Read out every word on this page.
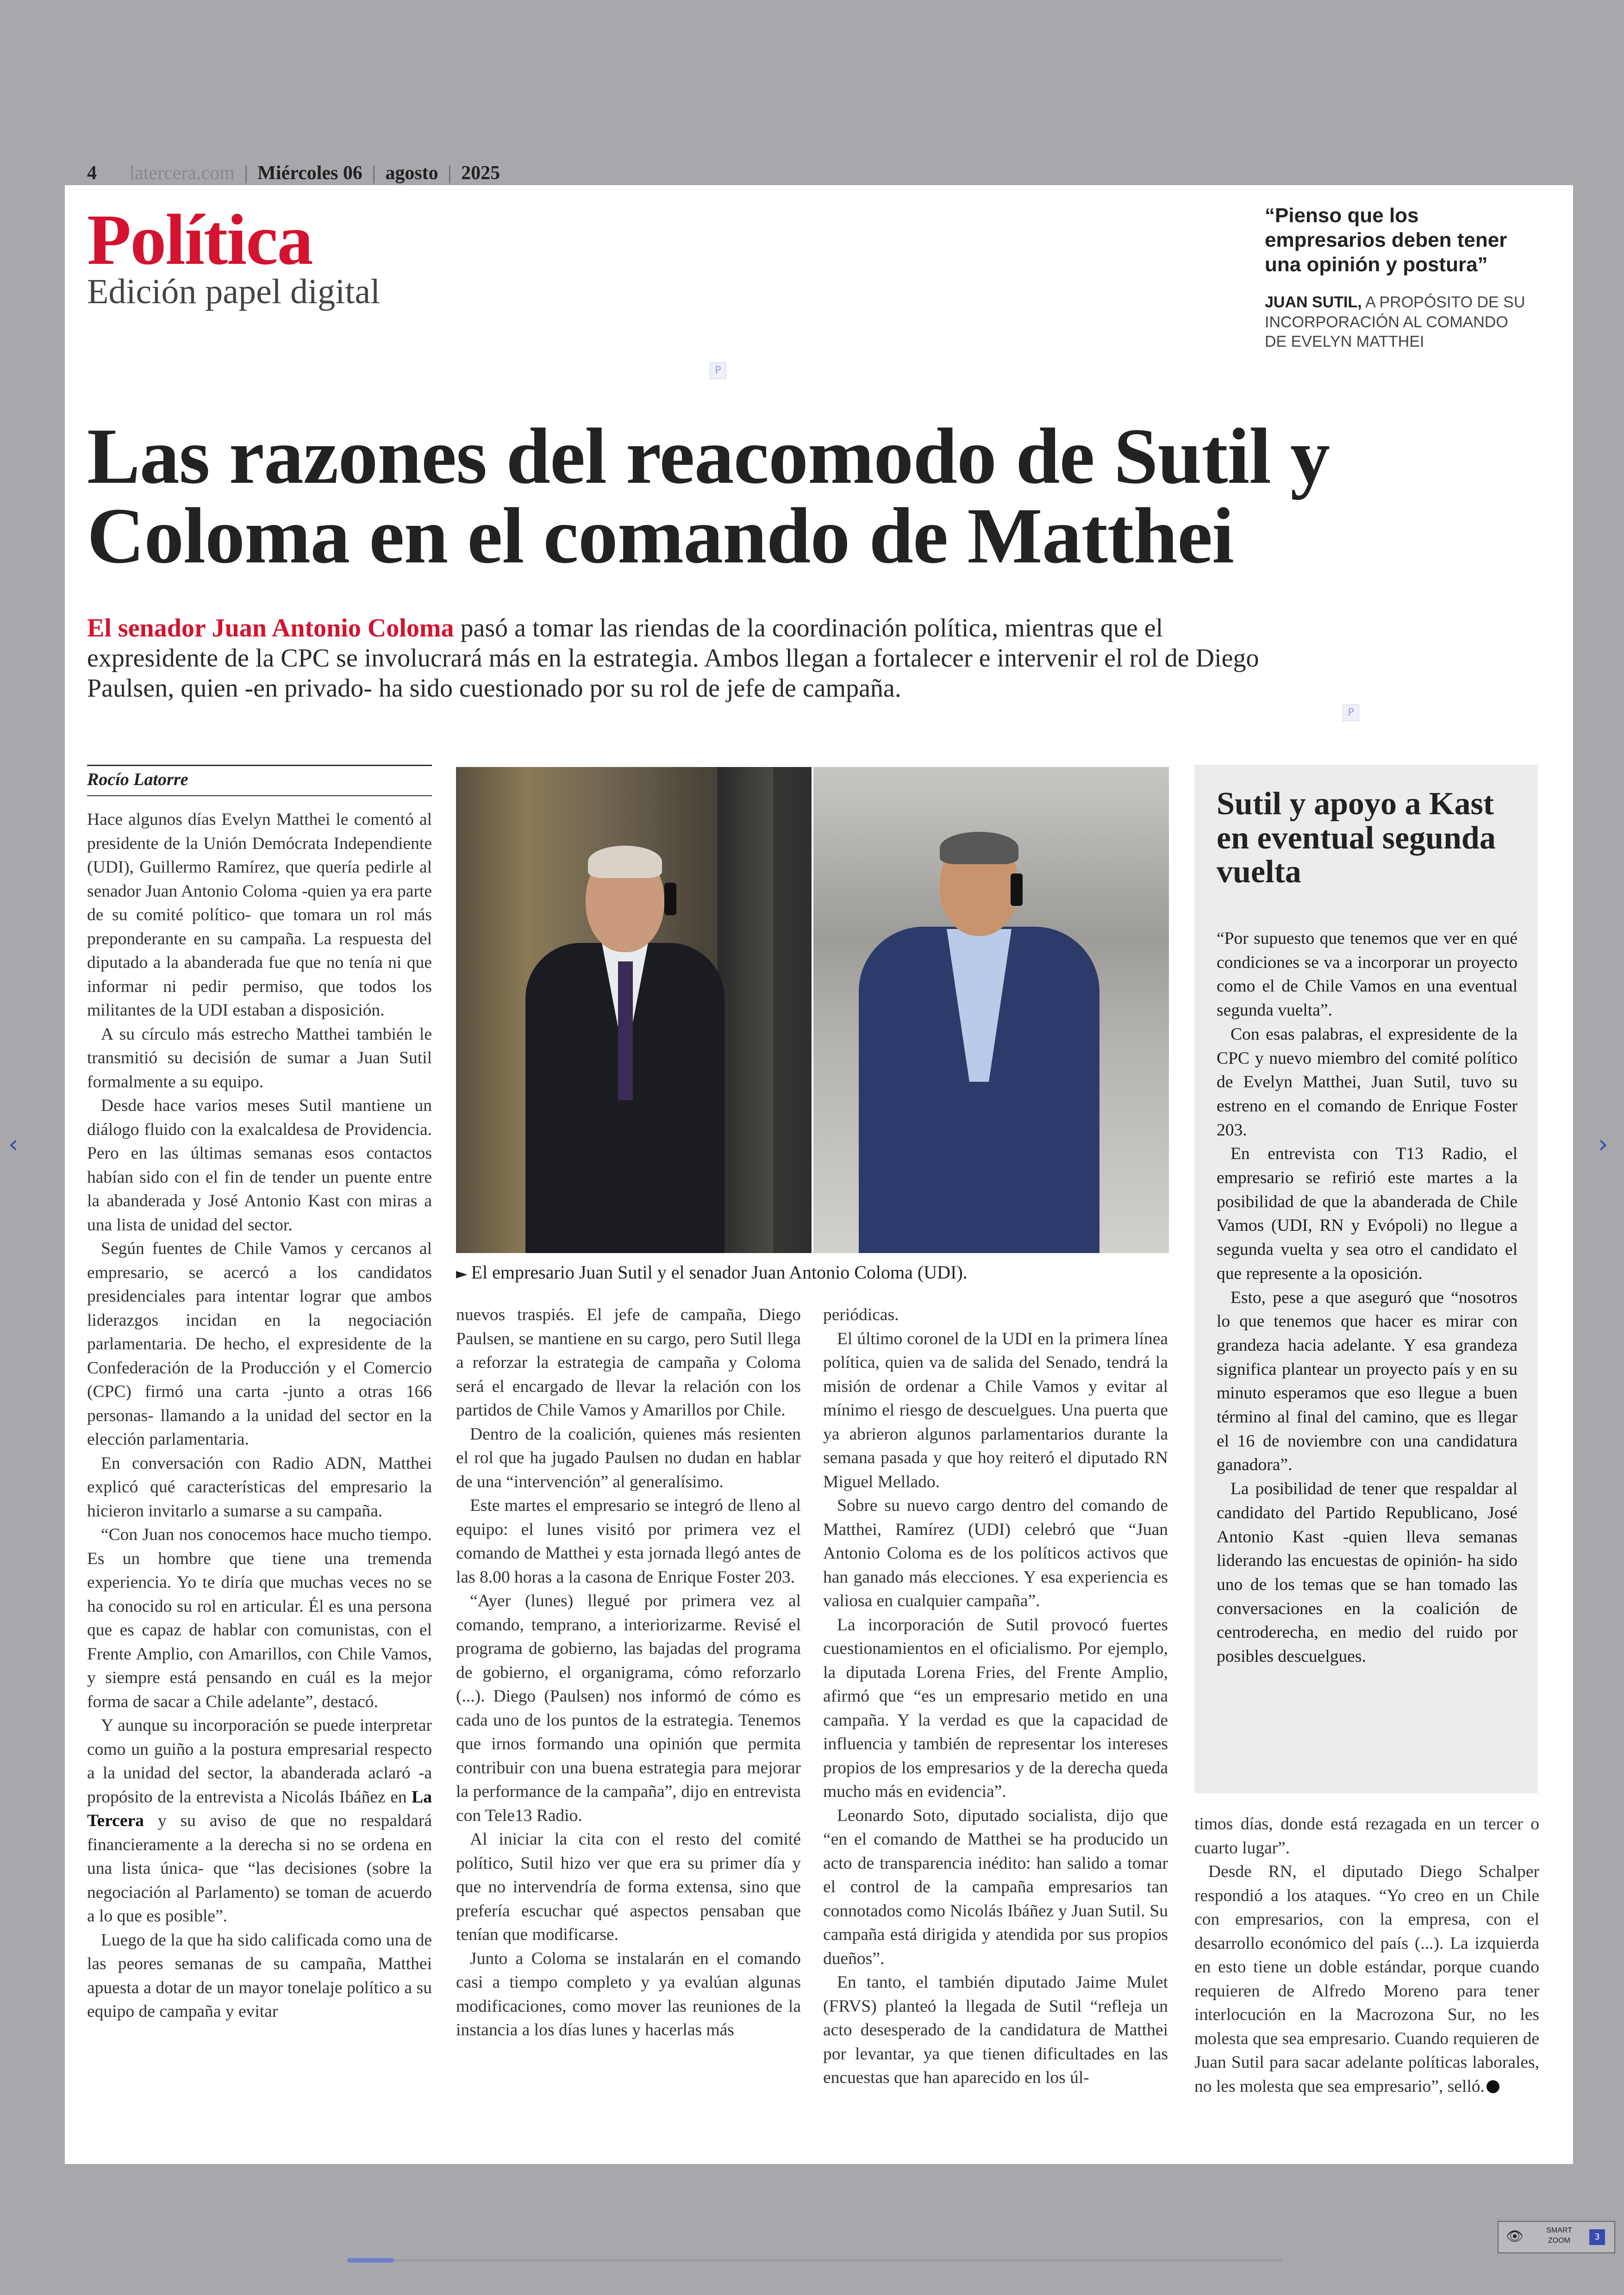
4 latercera.com | Miércoles 06 | agosto | 2025
Política
Edición papel digital
“Pienso que los empresarios deben tener una opinión y postura”
JUAN SUTIL, A PROPÓSITO DE SU INCORPORACIÓN AL COMANDO DE EVELYN MATTHEI
P
P
Las razones del reacomodo de Sutil y Coloma en el comando de Matthei
El senador Juan Antonio Coloma pasó a tomar las riendas de la coordinación política, mientras que el expresidente de la CPC se involucrará más en la estrategia. Ambos llegan a fortalecer e intervenir el rol de Diego Paulsen, quien -en privado- ha sido cuestionado por su rol de jefe de campaña.
Rocío Latorre

Hace algunos días Evelyn Matthei le comentó al presidente de la Unión Demócrata Independiente (UDI), Guillermo Ramírez, que quería pedirle al senador Juan Antonio Coloma -quien ya era parte de su comité político- que tomara un rol más preponderante en su campaña. La respuesta del diputado a la abanderada fue que no tenía ni que informar ni pedir permiso, que todos los militantes de la UDI estaban a disposición.

A su círculo más estrecho Matthei también le transmitió su decisión de sumar a Juan Sutil formalmente a su equipo.

Desde hace varios meses Sutil mantiene un diálogo fluido con la exalcaldesa de Providencia. Pero en las últimas semanas esos contactos habían sido con el fin de tender un puente entre la abanderada y José Antonio Kast con miras a una lista de unidad del sector.

Según fuentes de Chile Vamos y cercanos al empresario, se acercó a los candidatos presidenciales para intentar lograr que ambos liderazgos incidan en la negociación parlamentaria. De hecho, el expresidente de la Confederación de la Producción y el Comercio (CPC) firmó una carta -junto a otras 166 personas- llamando a la unidad del sector en la elección parlamentaria.

En conversación con Radio ADN, Matthei explicó qué características del empresario la hicieron invitarlo a sumarse a su campaña.

“Con Juan nos conocemos hace mucho tiempo. Es un hombre que tiene una tremenda experiencia. Yo te diría que muchas veces no se ha conocido su rol en articular. Él es una persona que es capaz de hablar con comunistas, con el Frente Amplio, con Amarillos, con Chile Vamos, y siempre está pensando en cuál es la mejor forma de sacar a Chile adelante”, destacó.

Y aunque su incorporación se puede interpretar como un guiño a la postura empresarial respecto a la unidad del sector, la abanderada aclaró -a propósito de la entrevista a Nicolás Ibáñez en La Tercera y su aviso de que no respaldará financieramente a la derecha si no se ordena en una lista única- que “las decisiones (sobre la negociación al Parlamento) se toman de acuerdo a lo que es posible”.

Luego de la que ha sido calificada como una de las peores semanas de su campaña, Matthei apuesta a dotar de un mayor tonelaje político a su equipo de campaña y evitar

► El empresario Juan Sutil y el senador Juan Antonio Coloma (UDI).

nuevos traspiés. El jefe de campaña, Diego Paulsen, se mantiene en su cargo, pero Sutil llega a reforzar la estrategia de campaña y Coloma será el encargado de llevar la relación con los partidos de Chile Vamos y Amarillos por Chile.

Dentro de la coalición, quienes más resienten el rol que ha jugado Paulsen no dudan en hablar de una “intervención” al generalísimo.

Este martes el empresario se integró de lleno al equipo: el lunes visitó por primera vez el comando de Matthei y esta jornada llegó antes de las 8.00 horas a la casona de Enrique Foster 203.

“Ayer (lunes) llegué por primera vez al comando, temprano, a interiorizarme. Revisé el programa de gobierno, las bajadas del programa de gobierno, el organigrama, cómo reforzarlo (...). Diego (Paulsen) nos informó de cómo es cada uno de los puntos de la estrategia. Tenemos que irnos formando una opinión que permita contribuir con una buena estrategia para mejorar la performance de la campaña”, dijo en entrevista con Tele13 Radio.

Al iniciar la cita con el resto del comité político, Sutil hizo ver que era su primer día y que no intervendría de forma extensa, sino que prefería escuchar qué aspectos pensaban que tenían que modificarse.

Junto a Coloma se instalarán en el comando casi a tiempo completo y ya evalúan algunas modificaciones, como mover las reuniones de la instancia a los días lunes y hacerlas más

periódicas.

El último coronel de la UDI en la primera línea política, quien va de salida del Senado, tendrá la misión de ordenar a Chile Vamos y evitar al mínimo el riesgo de descuelgues. Una puerta que ya abrieron algunos parlamentarios durante la semana pasada y que hoy reiteró el diputado RN Miguel Mellado.

Sobre su nuevo cargo dentro del comando de Matthei, Ramírez (UDI) celebró que “Juan Antonio Coloma es de los políticos activos que han ganado más elecciones. Y esa experiencia es valiosa en cualquier campaña”.

La incorporación de Sutil provocó fuertes cuestionamientos en el oficialismo. Por ejemplo, la diputada Lorena Fries, del Frente Amplio, afirmó que “es un empresario metido en una campaña. Y la verdad es que la capacidad de influencia y también de representar los intereses propios de los empresarios y de la derecha queda mucho más en evidencia”.

Leonardo Soto, diputado socialista, dijo que “en el comando de Matthei se ha producido un acto de transparencia inédito: han salido a tomar el control de la campaña empresarios tan connotados como Nicolás Ibáñez y Juan Sutil. Su campaña está dirigida y atendida por sus propios dueños”.

En tanto, el también diputado Jaime Mulet (FRVS) planteó la llegada de Sutil “refleja un acto desesperado de la candidatura de Matthei por levantar, ya que tienen dificultades en las encuestas que han aparecido en los úl-

Sutil y apoyo a Kast en eventual segunda vuelta

“Por supuesto que tenemos que ver en qué condiciones se va a incorporar un proyecto como el de Chile Vamos en una eventual segunda vuelta”.

Con esas palabras, el expresidente de la CPC y nuevo miembro del comité político de Evelyn Matthei, Juan Sutil, tuvo su estreno en el comando de Enrique Foster 203.

En entrevista con T13 Radio, el empresario se refirió este martes a la posibilidad de que la abanderada de Chile Vamos (UDI, RN y Evópoli) no llegue a segunda vuelta y sea otro el candidato el que represente a la oposición.

Esto, pese a que aseguró que “nosotros lo que tenemos que hacer es mirar con grandeza hacia adelante. Y esa grandeza significa plantear un proyecto país y en su minuto esperamos que eso llegue a buen término al final del camino, que es llegar el 16 de noviembre con una candidatura ganadora”.

La posibilidad de tener que respaldar al candidato del Partido Republicano, José Antonio Kast -quien lleva semanas liderando las encuestas de opinión- ha sido uno de los temas que se han tomado las conversaciones en la coalición de centroderecha, en medio del ruido por posibles descuelgues.

timos días, donde está rezagada en un tercer o cuarto lugar”.

Desde RN, el diputado Diego Schalper respondió a los ataques. “Yo creo en un Chile con empresarios, con la empresa, con el desarrollo económico del país (...). La izquierda en esto tiene un doble estándar, porque cuando requieren de Alfredo Moreno para tener interlocución en la Macrozona Sur, no les molesta que sea empresario. Cuando requieren de Juan Sutil para sacar adelante políticas laborales, no les molesta que sea empresario”, selló.

‹	›
👁	SMART ZOOM	3
